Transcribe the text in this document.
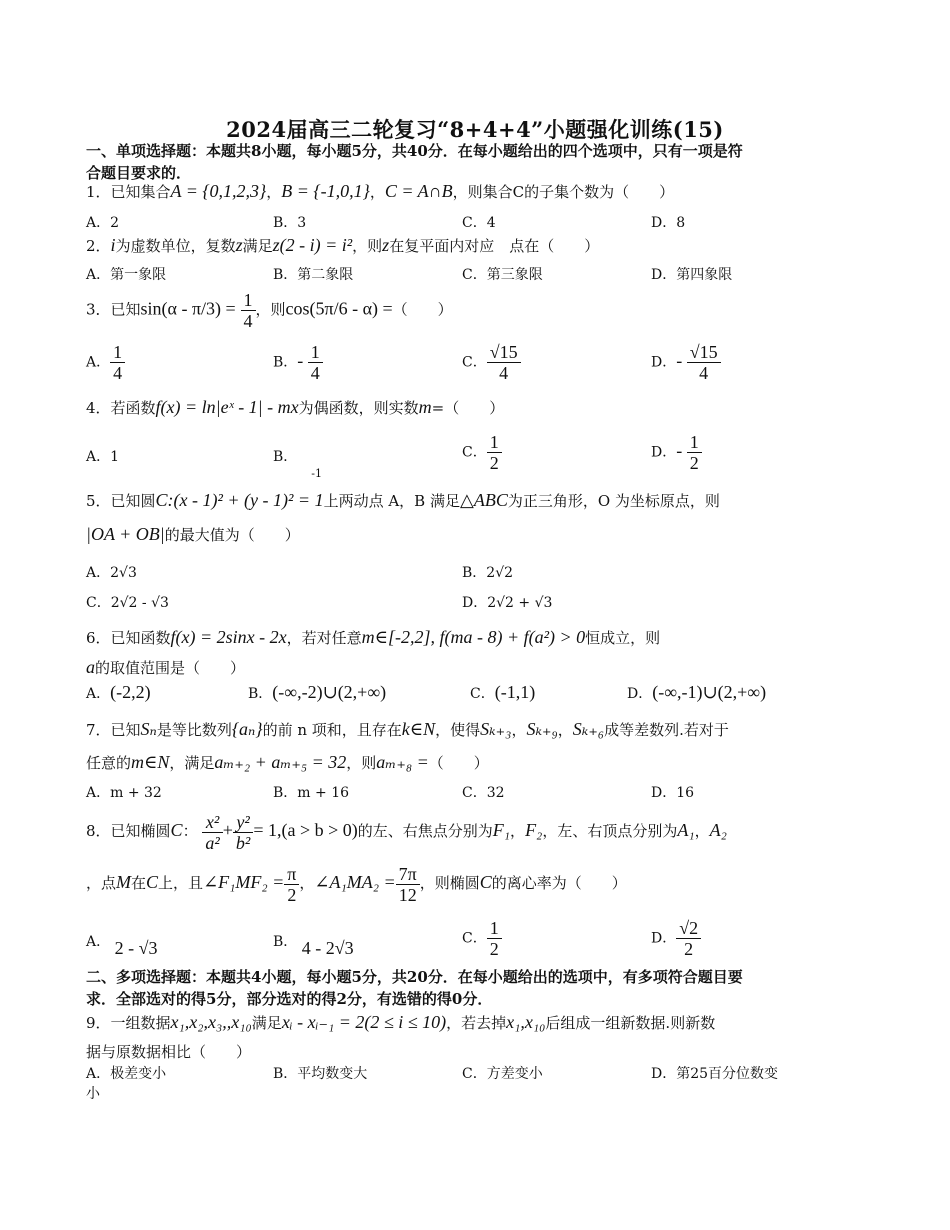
2024届高三二轮复习“8+4+4”小题强化训练(15)
一、单项选择题：本题共8小题，每小题5分，共40分．在每小题给出的四个选项中，只有一项是符
合题目要求的．
1．已知集合A = {0,1,2,3}，B = {-1,0,1}，C = A∩B，则集合C的子集个数为（　　）
A．2	B．3	C．4	D．8
2．i为虚数单位，复数z满足z(2 - i) = i²，则z在复平面内对应　点在（　　）
A．第一象限	B．第二象限	C．第三象限	D．第四象限
3．已知$\sin(\alpha - \pi/3) = \frac{1}{4}$ ，则cos(5π/6 - α) =（　　）
A． $\frac{1}{4}$	B．- $\frac{1}{4}$	C． $\frac{√15}{4}$	D．- $\frac{√15}{4}$
4．若函数f(x) = ln|eˣ - 1| - mx为偶函数，则实数m=（　　）
A．1	B．$_{-1}$
C． $\frac{1}{2}$	D．- $\frac{1}{2}$
5．已知圆C:(x - 1)² + (y - 1)² = 1上两动点 A，B 满足△ABC为正三角形，O 为坐标原点，则
|OA + OB|的最大值为（　　）
A．2√3	B．2√2
C．2√2 - √3	D．2√2 + √3
6．已知函数f(x) = 2sinx - 2x，若对任意m∈[-2,2], f(ma - 8) + f(a²) > 0恒成立，则
a的取值范围是（　　）
A．(-2,2)	B．(-∞,-2)∪(2,+∞)	C．(-1,1)	D．(-∞,-1)∪(2,+∞)
7．已知Sₙ是等比数列{aₙ}的前 n 项和，且存在k∈N，使得Sₖ₊₃，Sₖ₊₉，Sₖ₊₆成等差数列.若对于
任意的m∈N，满足aₘ₊₂ + aₘ₊₅ = 32，则aₘ₊₈ =（　　）
A．m + 32	B．m + 16	C．32	D．16
8．已知椭圆C： $\frac{\text{x²}}{\text{a²}} + \frac{\text{y²}}{\text{b²}} = 1,(a > b > 0)$的左、右焦点分别为F₁，F₂，左、右顶点分别为A₁，A₂
，点M在C上，且∠F₁MF₂ = $\frac{\pi}{2}$ ，∠A₁MA₂ = $\frac{7\pi}{12}$ ，则椭圆C的离心率为（　　）
A． 2 - √3	B． 4 - 2√3	C． $\frac{1}{2}$	D． $\frac{√2}{2}$
二、多项选择题：本题共4小题，每小题5分，共20分．在每小题给出的选项中，有多项符合题目要
求．全部选对的得5分，部分选对的得2分，有选错的得0分．
9．一组数据x₁,x₂,x₃,,x₁₀满足xᵢ - xᵢ₋₁ = 2(2 ≤ i ≤ 10)，若去掉x₁,x₁₀后组成一组新数据.则新数
据与原数据相比（　　）
A．极差变小	B．平均数变大	C．方差变小	D．第25百分位数变
小
